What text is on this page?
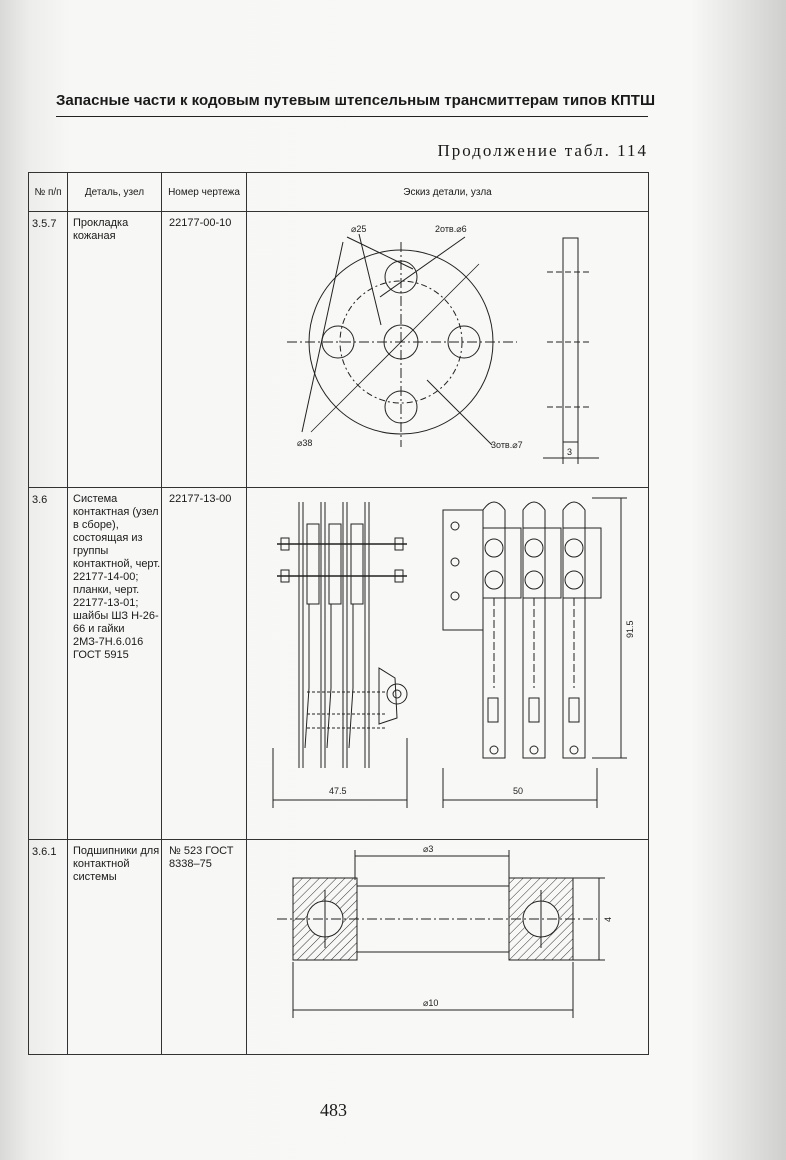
Запасные части к кодовым путевым штепсельным трансмиттерам типов КПТШ
Продолжение табл. 114
№ п/п	Деталь, узел	Номер чертежа	Эскиз детали, узла
3.5.7	Прокладка кожаная	22177-00-10	⌀25 2отв.⌀6
⌀38 3отв.⌀7
3

3.6	Система контактная (узел в сборе), состоящая из группы контактной, черт. 22177-14-00; планки, черт. 22177-13-01; шайбы ШЗ Н-26-66 и гайки 2МЗ-7Н.6.016 ГОСТ 5915	22177-13-00	47.5 50
91.5

3.6.1	Подшипники для контактной системы	№ 523 ГОСТ 8338–75	⌀3
4
⌀10
483
